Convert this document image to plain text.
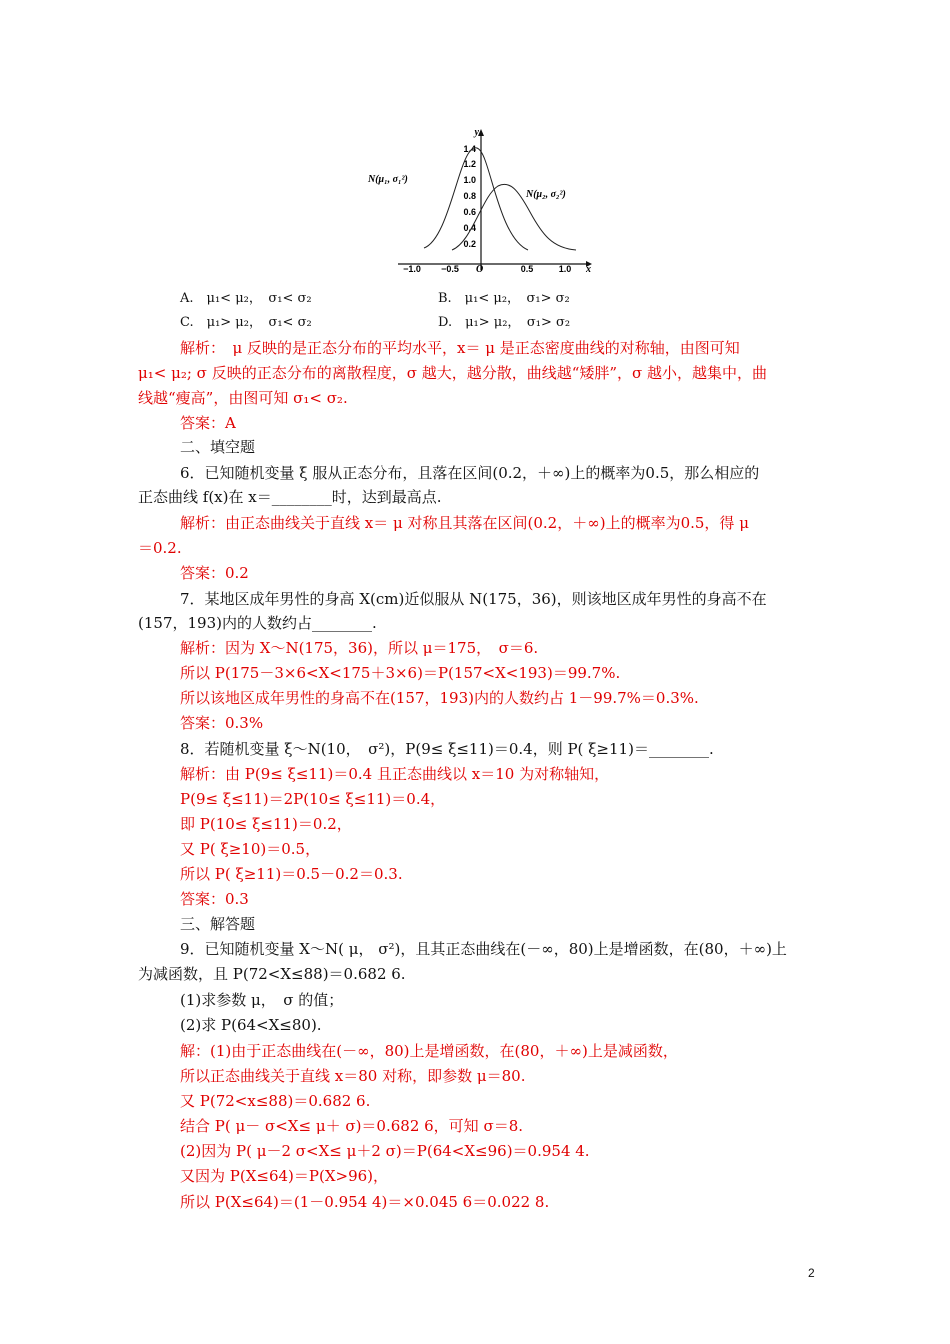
y
x
O
1.4
1.2
1.0
0.8
0.6
0.4
0.2
−1.0 −0.5	0.5	1.0
N(μ₁, σ₁²)
N(μ₂, σ₂²)
A.　μ₁< μ₂，　σ₁< σ₂	B.　μ₁< μ₂，　σ₁> σ₂
C.　μ₁> μ₂，　σ₁< σ₂	D.　μ₁> μ₂，　σ₁> σ₂
解析：　μ 反映的是正态分布的平均水平，x＝ μ 是正态密度曲线的对称轴，由图可知
μ₁< μ₂; σ 反映的正态分布的离散程度，σ 越大，越分散，曲线越“矮胖”，σ 越小，越集中，曲
线越“瘦高”，由图可知 σ₁< σ₂.
答案：A
二、填空题
6．已知随机变量 ξ 服从正态分布，且落在区间(0.2，＋∞)上的概率为0.5，那么相应的
正态曲线 f(x)在 x＝________时，达到最高点.
解析：由正态曲线关于直线 x＝ μ 对称且其落在区间(0.2，＋∞)上的概率为0.5，得 μ
＝0.2.
答案：0.2
7．某地区成年男性的身高 X(cm)近似服从 N(175，36)，则该地区成年男性的身高不在
(157，193)内的人数约占________.
解析：因为 X～N(175，36)，所以 μ＝175，　σ＝6.
所以 P(175－3×6<X<175＋3×6)＝P(157<X<193)＝99.7%.
所以该地区成年男性的身高不在(157，193)内的人数约占 1－99.7%＝0.3%.
答案：0.3%
8．若随机变量 ξ～N(10，　σ²)，P(9≤ ξ≤11)＝0.4，则 P( ξ≥11)＝________.
解析：由 P(9≤ ξ≤11)＝0.4 且正态曲线以 x＝10 为对称轴知，
P(9≤ ξ≤11)＝2P(10≤ ξ≤11)＝0.4，
即 P(10≤ ξ≤11)＝0.2，
又 P( ξ≥10)＝0.5，
所以 P( ξ≥11)＝0.5－0.2＝0.3.
答案：0.3
三、解答题
9．已知随机变量 X～N( μ， σ²)，且其正态曲线在(－∞，80)上是增函数，在(80，＋∞)上
为减函数，且 P(72<X≤88)＝0.682 6.
(1)求参数 μ，　σ 的值；
(2)求 P(64<X≤80).
解：(1)由于正态曲线在(－∞，80)上是增函数，在(80，＋∞)上是减函数，
所以正态曲线关于直线 x＝80 对称，即参数 μ＝80.
又 P(72<x≤88)＝0.682 6.
结合 P( μ－ σ<X≤ μ＋ σ)＝0.682 6，可知 σ＝8.
(2)因为 P( μ－2 σ<X≤ μ＋2 σ)＝P(64<X≤96)＝0.954 4.
又因为 P(X≤64)＝P(X>96)，
所以 P(X≤64)＝(1－0.954 4)＝×0.045 6＝0.022 8.
2
